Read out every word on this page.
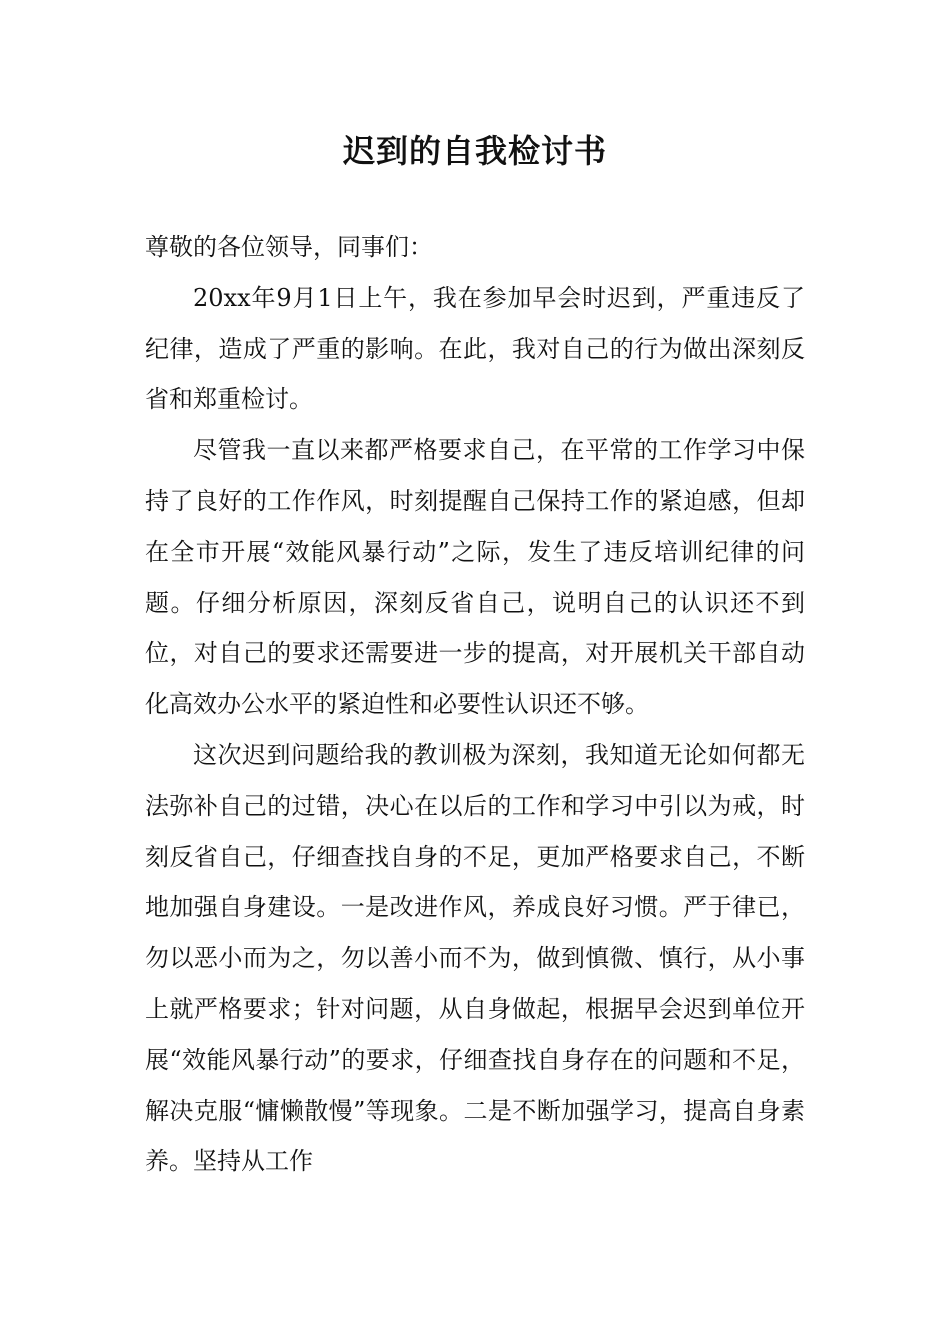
迟到的自我检讨书

尊敬的各位领导，同事们：

20xx年9月1日上午，我在参加早会时迟到，严重违反了纪律，造成了严重的影响。在此，我对自己的行为做出深刻反省和郑重检讨。

尽管我一直以来都严格要求自己，在平常的工作学习中保持了良好的工作作风，时刻提醒自己保持工作的紧迫感，但却在全市开展“效能风暴行动”之际，发生了违反培训纪律的问题。仔细分析原因，深刻反省自己，说明自己的认识还不到位，对自己的要求还需要进一步的提高，对开展机关干部自动化高效办公水平的紧迫性和必要性认识还不够。

这次迟到问题给我的教训极为深刻，我知道无论如何都无法弥补自己的过错，决心在以后的工作和学习中引以为戒，时刻反省自己，仔细查找自身的不足，更加严格要求自己，不断地加强自身建设。一是改进作风，养成良好习惯。严于律已，勿以恶小而为之，勿以善小而不为，做到慎微、慎行，从小事上就严格要求；针对问题，从自身做起，根据早会迟到单位开展“效能风暴行动”的要求，仔细查找自身存在的问题和不足，解决克服“慵懒散慢”等现象。二是不断加强学习，提高自身素养。坚持从工作
